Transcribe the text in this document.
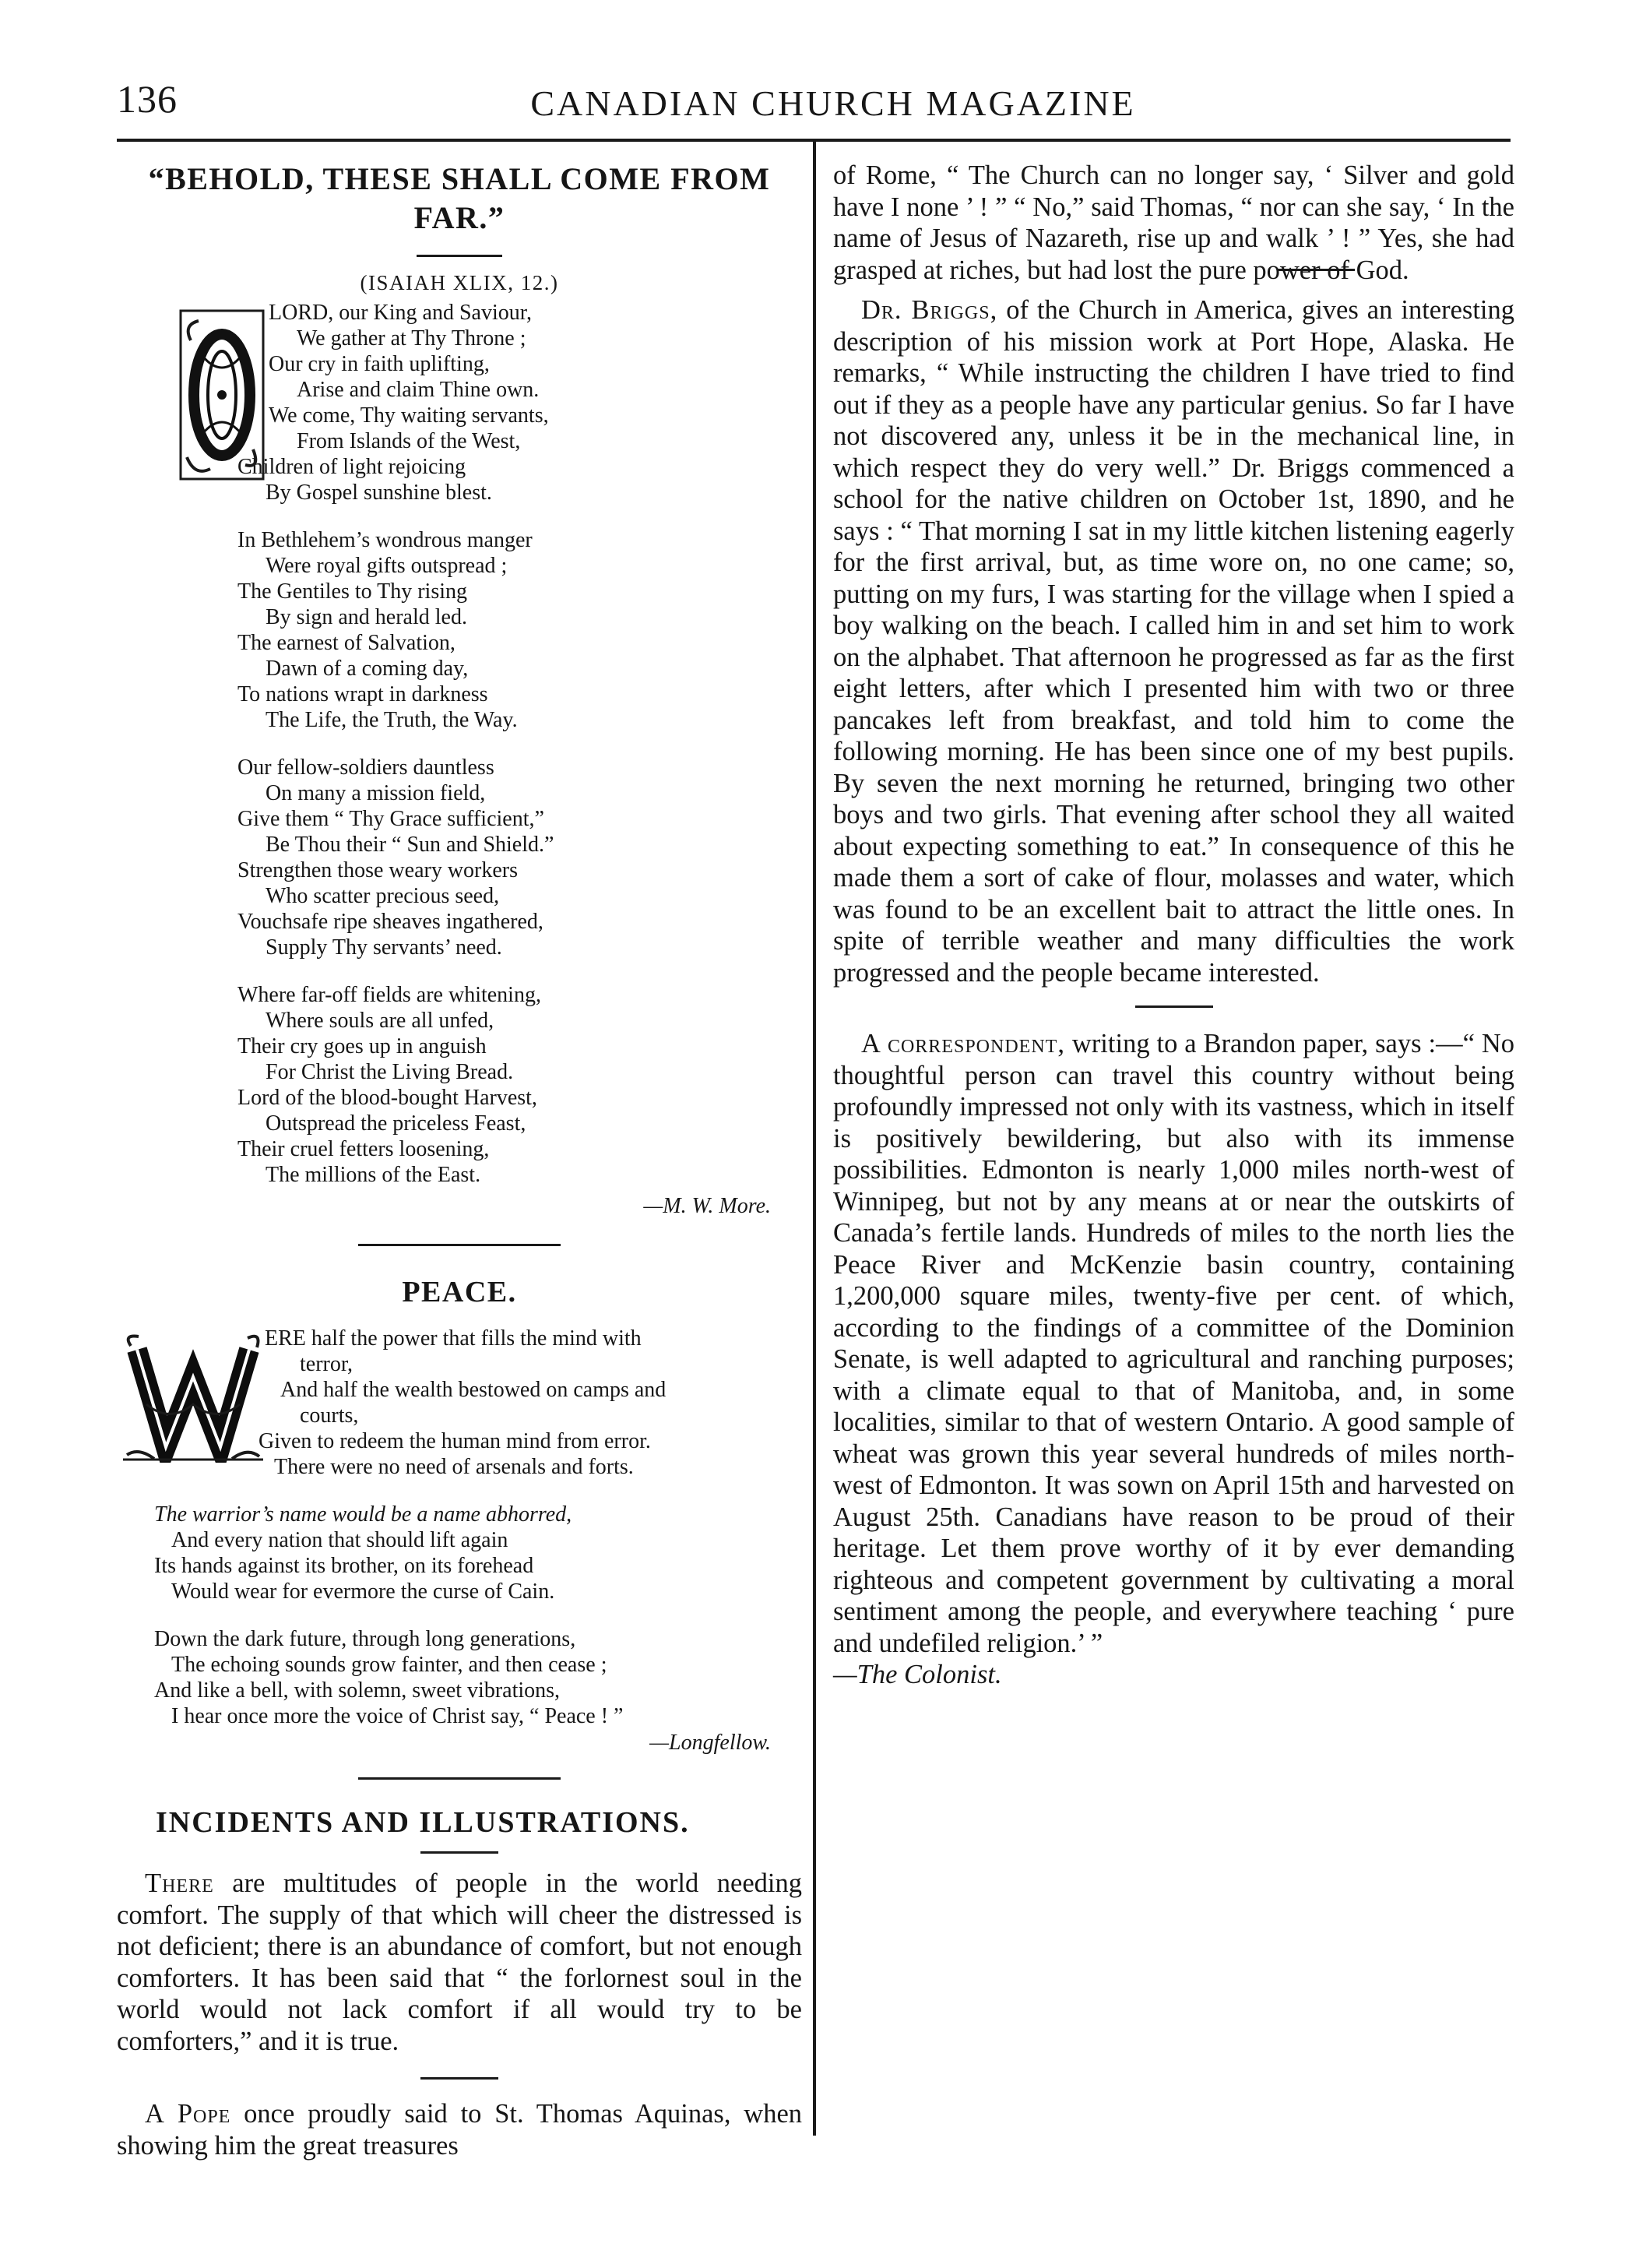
136	CANADIAN CHURCH MAGAZINE
“BEHOLD, THESE SHALL COME FROM FAR.”
(ISAIAH XLIX, 12.)

LORD, our King and Saviour,

We gather at Thy Throne ;

Our cry in faith uplifting,

Arise and claim Thine own.

We come, Thy waiting servants,

From Islands of the West,

Children of light rejoicing

By Gospel sunshine blest.

In Bethlehem’s wondrous manger

Were royal gifts outspread ;

The Gentiles to Thy rising

By sign and herald led.

The earnest of Salvation,

Dawn of a coming day,

To nations wrapt in darkness

The Life, the Truth, the Way.

Our fellow-soldiers dauntless

On many a mission field,

Give them “ Thy Grace sufficient,”

Be Thou their “ Sun and Shield.”

Strengthen those weary workers

Who scatter precious seed,

Vouchsafe ripe sheaves ingathered,

Supply Thy servants’ need.

Where far-off fields are whitening,

Where souls are all unfed,

Their cry goes up in anguish

For Christ the Living Bread.

Lord of the blood-bought Harvest,

Outspread the priceless Feast,

Their cruel fetters loosening,

The millions of the East.

—M. W. More.
PEACE.

ERE half the power that fills the mind with

terror,

And half the wealth bestowed on camps and

courts,

Given to redeem the human mind from error.

There were no need of arsenals and forts.

The warrior’s name would be a name abhorred,

And every nation that should lift again

Its hands against its brother, on its forehead

Would wear for evermore the curse of Cain.

Down the dark future, through long generations,

The echoing sounds grow fainter, and then cease ;

And like a bell, with solemn, sweet vibrations,

I hear once more the voice of Christ say, “ Peace ! ”

—Longfellow.
INCIDENTS AND ILLUSTRATIONS.

There are multitudes of people in the world needing comfort. The supply of that which will cheer the distressed is not deficient; there is an abundance of comfort, but not enough comforters. It has been said that “ the forlornest soul in the world would not lack comfort if all would try to be comforters,” and it is true.

A Pope once proudly said to St. Thomas Aquinas, when showing him the great treasures

of Rome, “ The Church can no longer say, ‘ Silver and gold have I none ’ ! ” “ No,” said Thomas, “ nor can she say, ‘ In the name of Jesus of Nazareth, rise up and walk ’ ! ” Yes, she had grasped at riches, but had lost the pure power of God.

Dr. Briggs, of the Church in America, gives an interesting description of his mission work at Port Hope, Alaska. He remarks, “ While instructing the children I have tried to find out if they as a people have any particular genius. So far I have not discovered any, unless it be in the mechanical line, in which respect they do very well.” Dr. Briggs commenced a school for the native children on October 1st, 1890, and he says : “ That morning I sat in my little kitchen listening eagerly for the first arrival, but, as time wore on, no one came; so, putting on my furs, I was starting for the village when I spied a boy walking on the beach. I called him in and set him to work on the alphabet. That afternoon he progressed as far as the first eight letters, after which I presented him with two or three pancakes left from breakfast, and told him to come the following morning. He has been since one of my best pupils. By seven the next morning he returned, bringing two other boys and two girls. That evening after school they all waited about expecting something to eat.” In consequence of this he made them a sort of cake of flour, molasses and water, which was found to be an excellent bait to attract the little ones. In spite of terrible weather and many difficulties the work progressed and the people became interested.

A correspondent, writing to a Brandon paper, says :—“ No thoughtful person can travel this country without being profoundly impressed not only with its vastness, which in itself is positively bewildering, but also with its immense possibilities. Edmonton is nearly 1,000 miles north-west of Winnipeg, but not by any means at or near the outskirts of Canada’s fertile lands. Hundreds of miles to the north lies the Peace River and McKenzie basin country, containing 1,200,000 square miles, twenty-five per cent. of which, according to the findings of a committee of the Dominion Senate, is well adapted to agricultural and ranching purposes; with a climate equal to that of Manitoba, and, in some localities, similar to that of western Ontario. A good sample of wheat was grown this year several hundreds of miles north-west of Edmonton. It was sown on April 15th and harvested on August 25th. Canadians have reason to be proud of their heritage. Let them prove worthy of it by ever demanding righteous and competent government by cultivating a moral sentiment among the people, and everywhere teaching ‘ pure and undefiled religion.’ ”

—The Colonist.
